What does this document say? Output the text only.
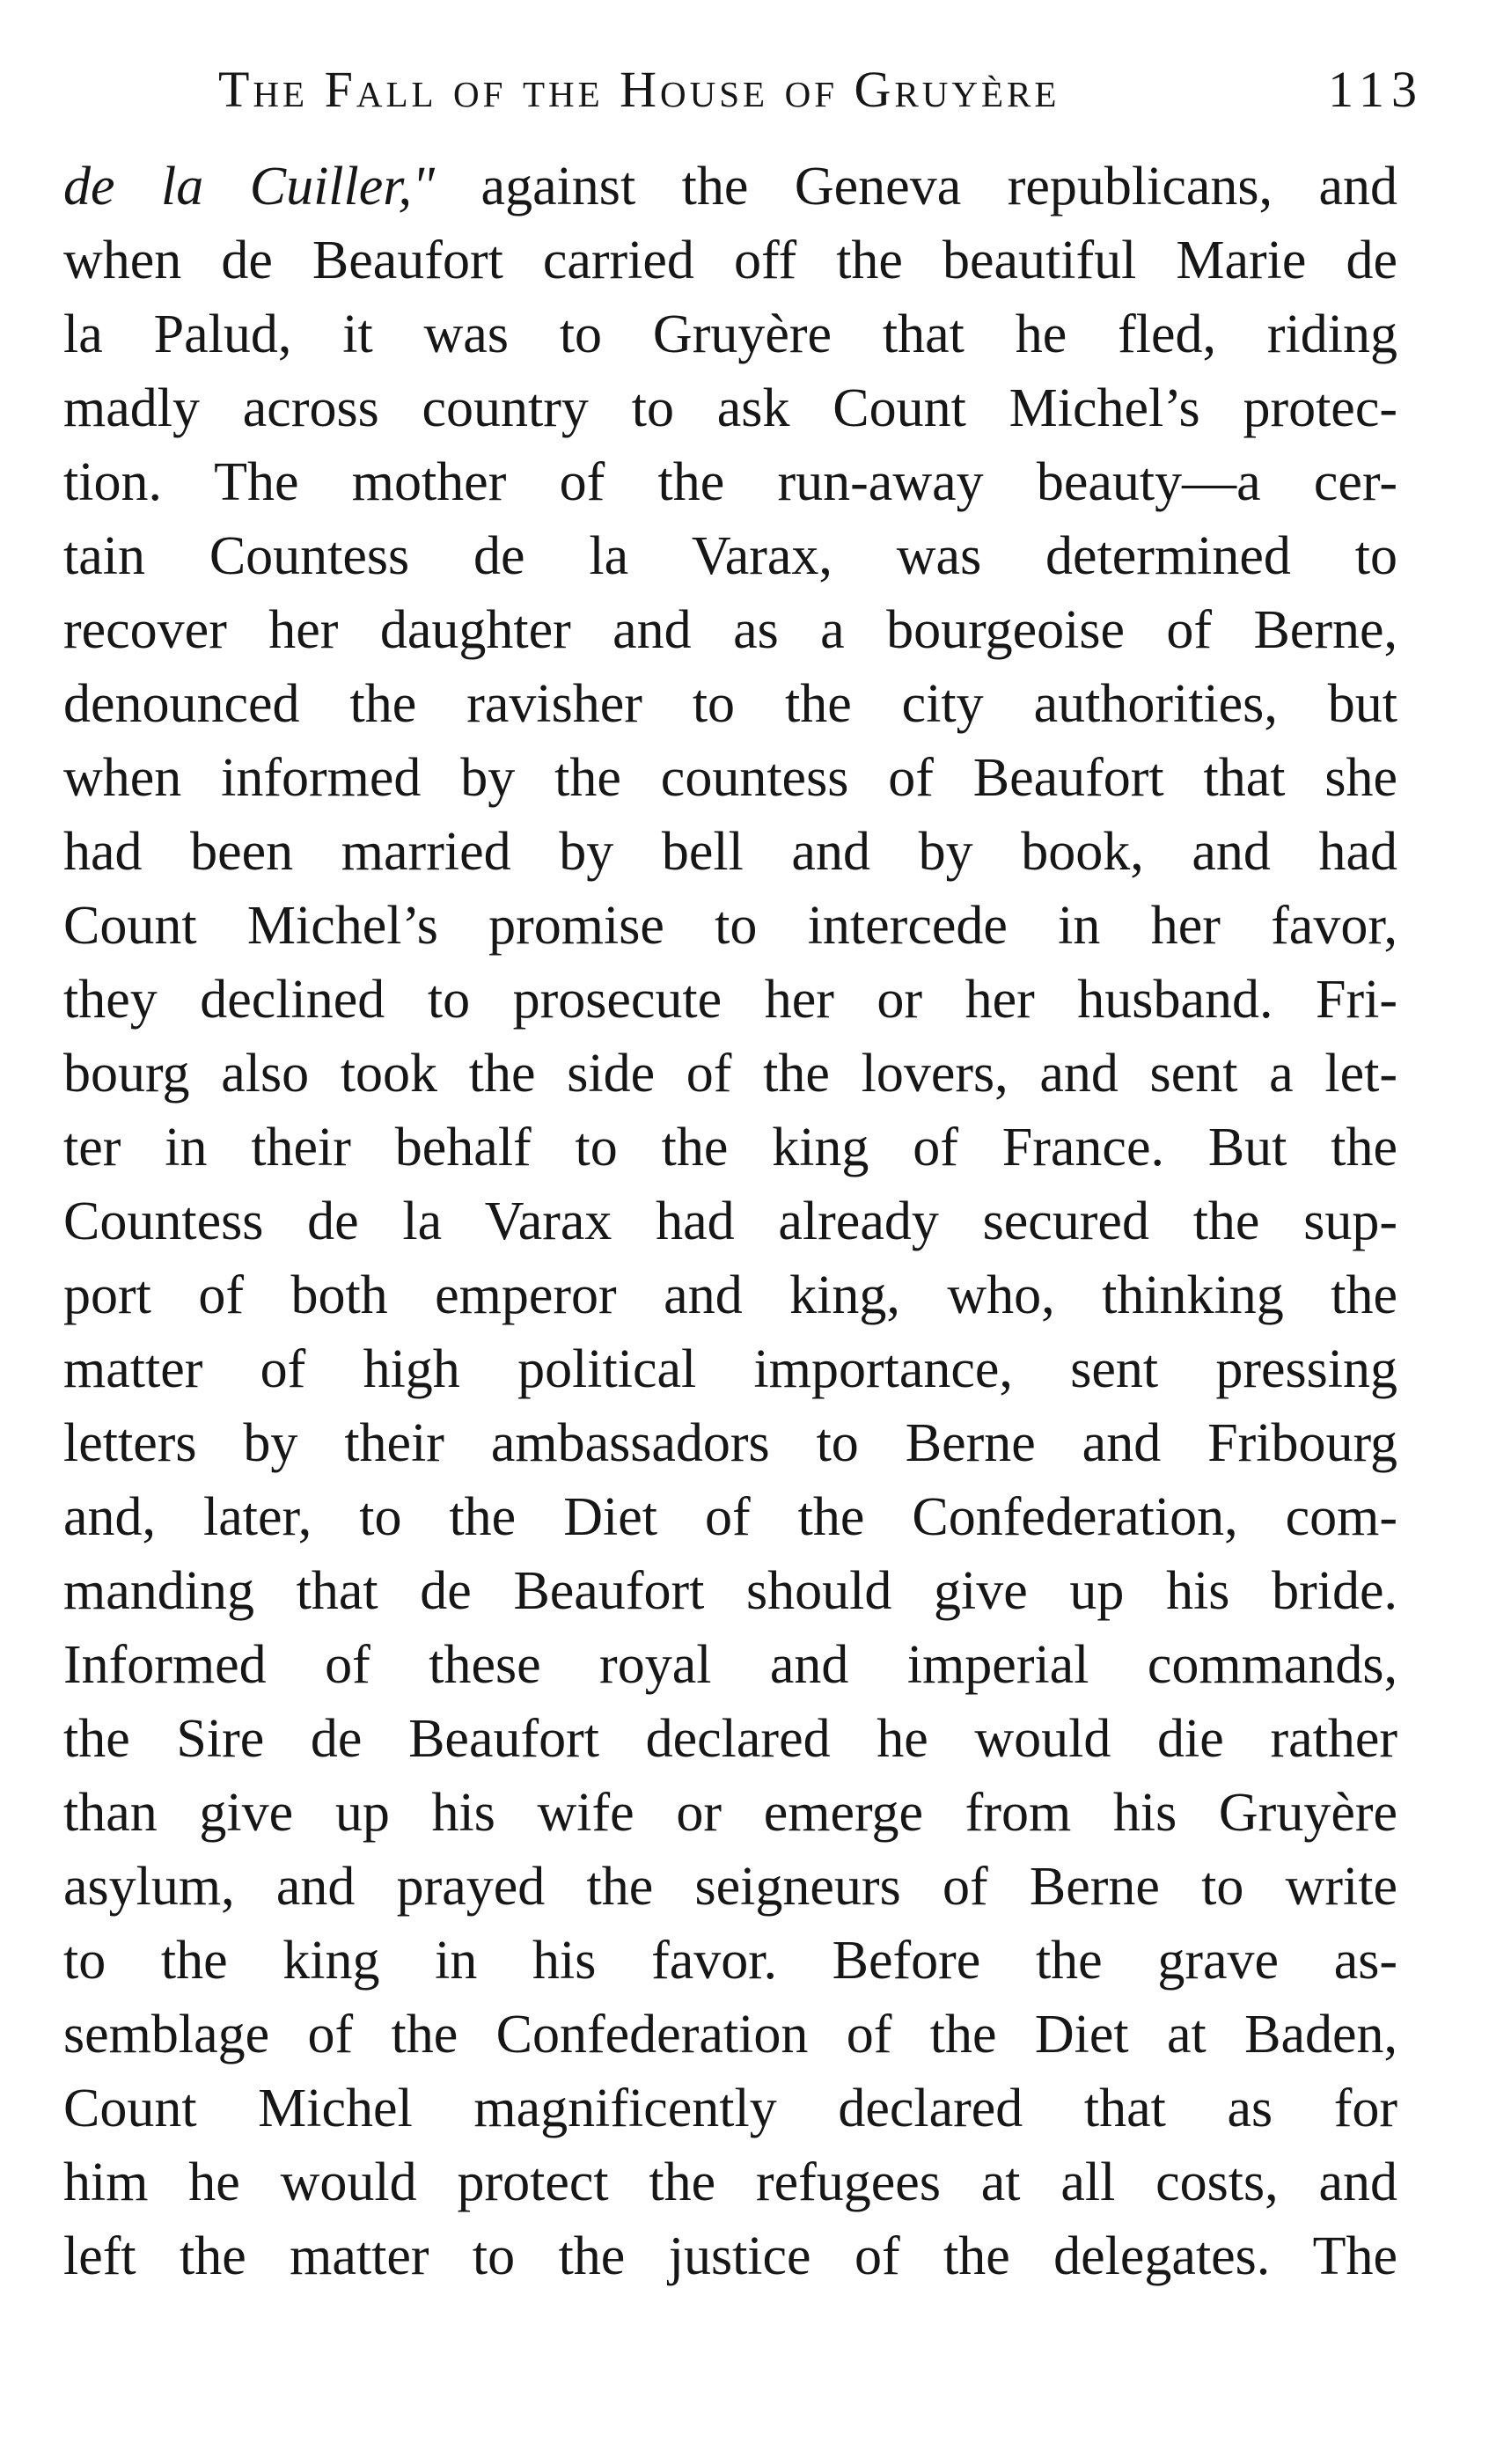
The Fall of the House of Gruyère	113
de la Cuiller," against the Geneva republicans, and
when de Beaufort carried off the beautiful Marie de
la Palud, it was to Gruyère that he fled, riding
madly across country to ask Count Michel’s protec-
tion. The mother of the run-away beauty—a cer-
tain Countess de la Varax, was determined to
recover her daughter and as a bourgeoise of Berne,
denounced the ravisher to the city authorities, but
when informed by the countess of Beaufort that she
had been married by bell and by book, and had
Count Michel’s promise to intercede in her favor,
they declined to prosecute her or her husband. Fri-
bourg also took the side of the lovers, and sent a let-
ter in their behalf to the king of France. But the
Countess de la Varax had already secured the sup-
port of both emperor and king, who, thinking the
matter of high political importance, sent pressing
letters by their ambassadors to Berne and Fribourg
and, later, to the Diet of the Confederation, com-
manding that de Beaufort should give up his bride.
Informed of these royal and imperial commands,
the Sire de Beaufort declared he would die rather
than give up his wife or emerge from his Gruyère
asylum, and prayed the seigneurs of Berne to write
to the king in his favor. Before the grave as-
semblage of the Confederation of the Diet at Baden,
Count Michel magnificently declared that as for
him he would protect the refugees at all costs, and
left the matter to the justice of the delegates. The
